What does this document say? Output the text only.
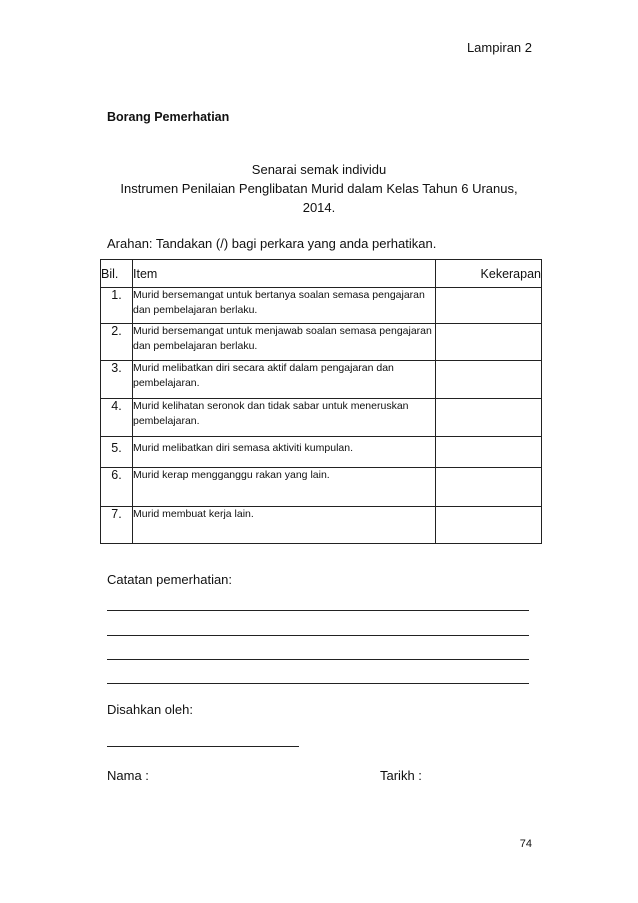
Lampiran 2
Borang Pemerhatian
Senarai semak individu
Instrumen Penilaian Penglibatan Murid dalam Kelas Tahun 6 Uranus,
2014.
Arahan: Tandakan (/) bagi perkara yang anda perhatikan.
Bil.	Item	Kekerapan
1.	Murid bersemangat untuk bertanya soalan semasa pengajaran dan pembelajaran berlaku.	
2.	Murid bersemangat untuk menjawab soalan semasa pengajaran dan pembelajaran berlaku.	
3.	Murid melibatkan diri secara aktif dalam pengajaran dan pembelajaran.	
4.	Murid kelihatan seronok dan tidak sabar untuk meneruskan pembelajaran.	
5.	Murid melibatkan diri semasa aktiviti kumpulan.	
6.	Murid kerap mengganggu rakan yang lain.	
7.	Murid membuat kerja lain.	
Catatan pemerhatian:
Disahkan oleh:
Nama :	Tarikh :
74
